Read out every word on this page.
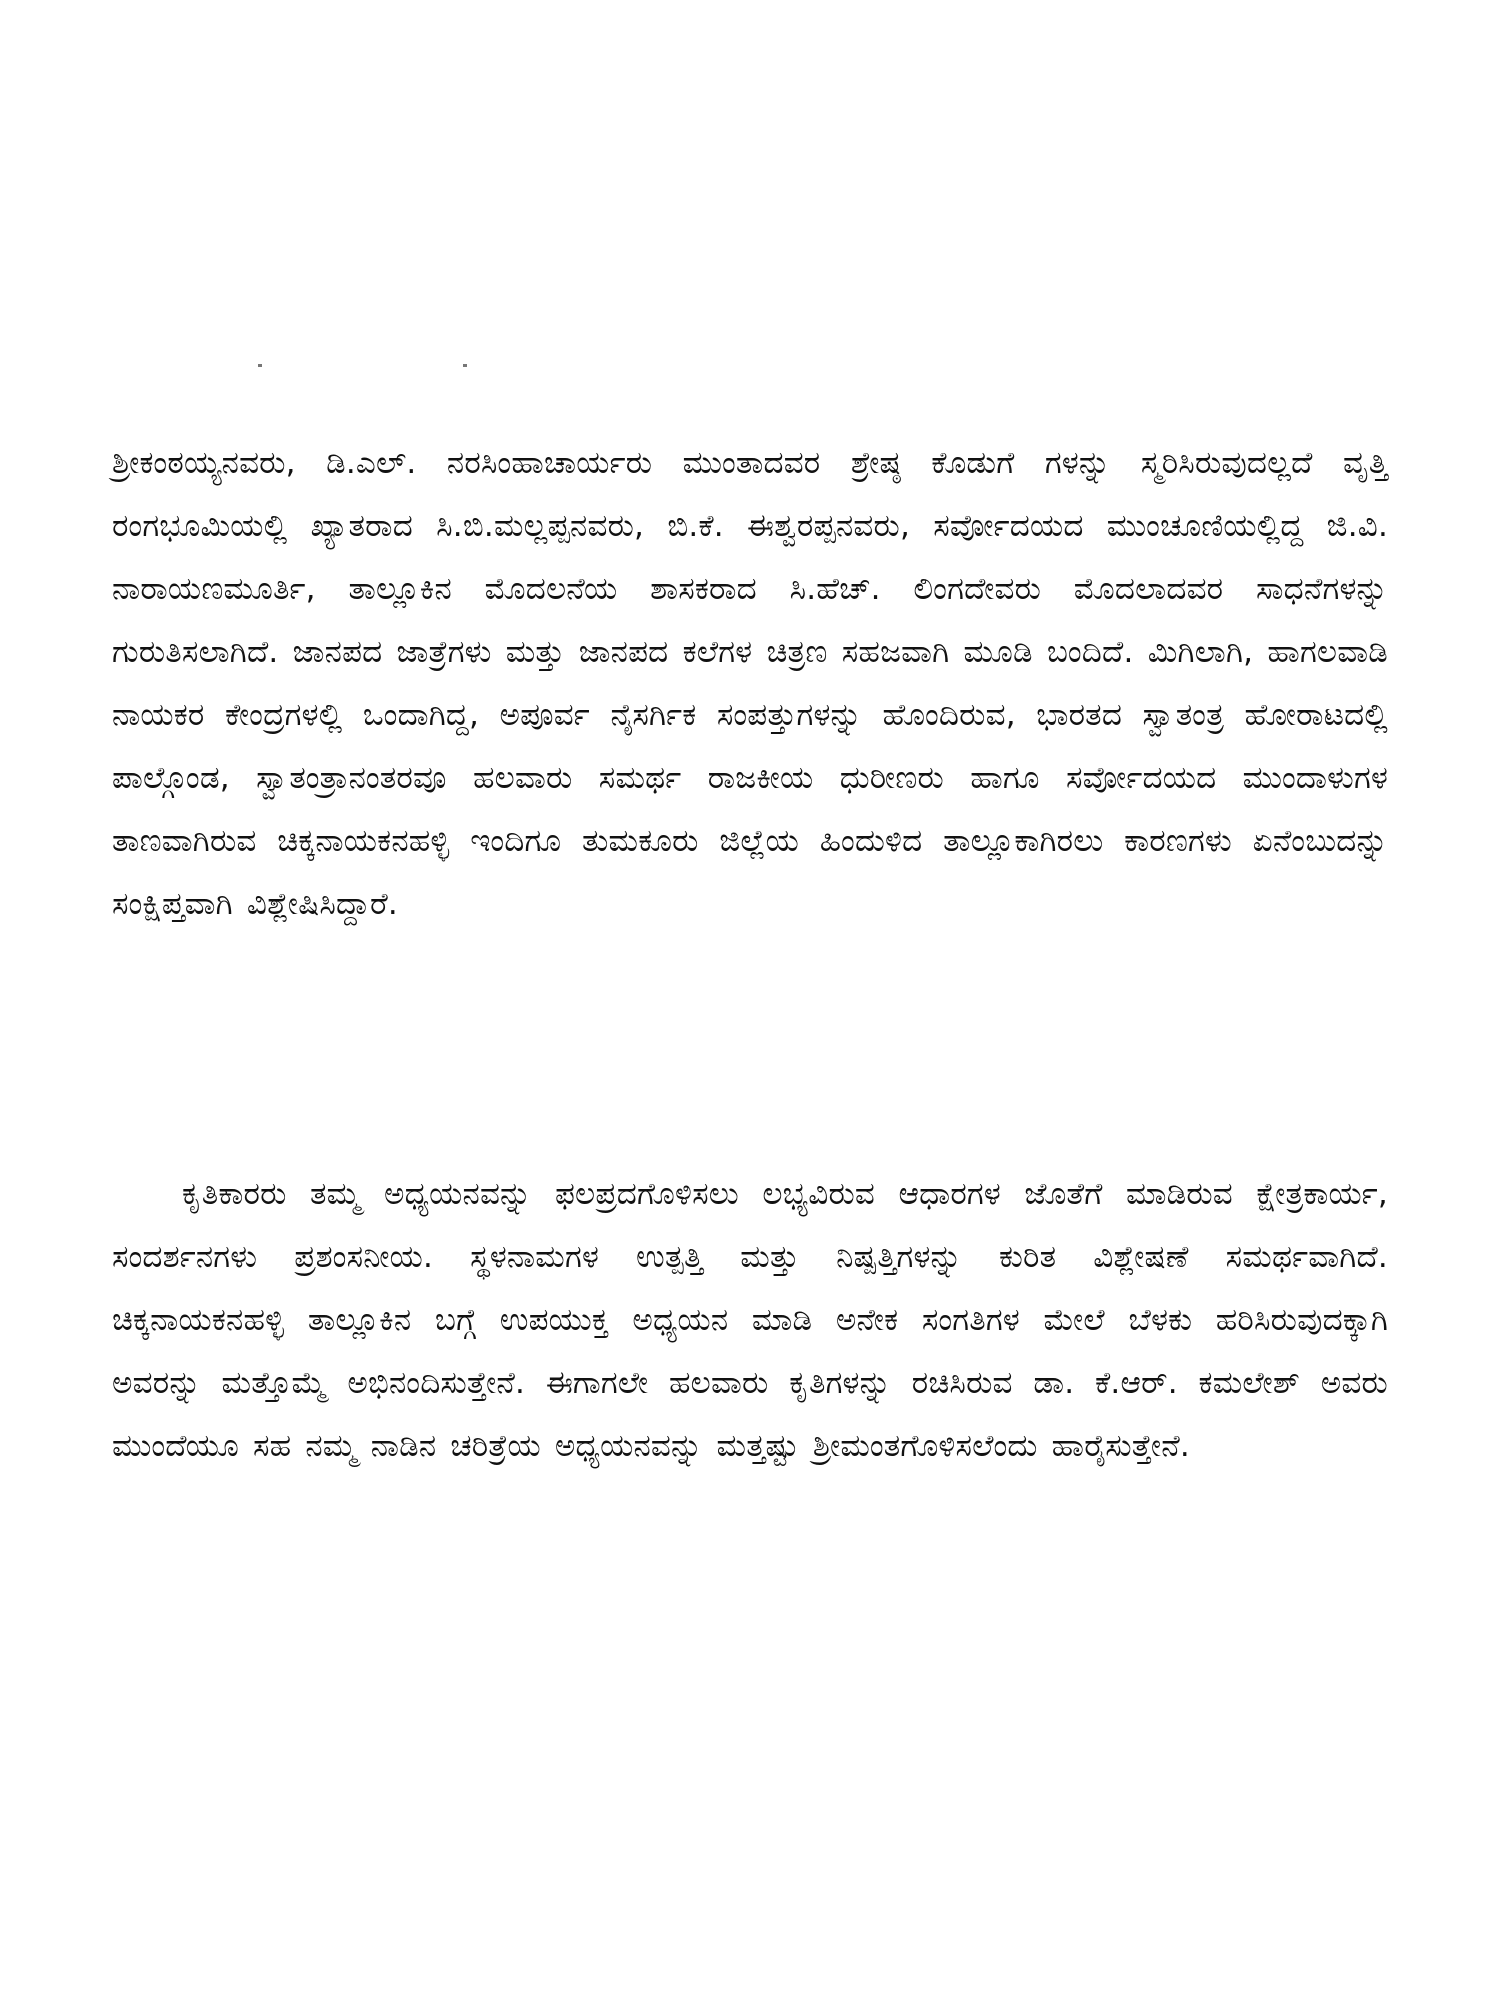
ಶ್ರೀಕಂಠಯ್ಯನವರು, ಡಿ.ಎಲ್. ನರಸಿಂಹಾಚಾರ್ಯರು ಮುಂತಾದವರ ಶ್ರೇಷ್ಠ ಕೊಡುಗೆ ಗಳನ್ನು ಸ್ಮರಿಸಿರುವುದಲ್ಲದೆ ವೃತ್ತಿ ರಂಗಭೂಮಿಯಲ್ಲಿ ಖ್ಯಾತರಾದ ಸಿ.ಬಿ.ಮಲ್ಲಪ್ಪನವರು, ಬಿ.ಕೆ. ಈಶ್ವರಪ್ಪನವರು, ಸರ್ವೋದಯದ ಮುಂಚೂಣಿಯಲ್ಲಿದ್ದ ಜಿ.ವಿ. ನಾರಾಯಣಮೂರ್ತಿ, ತಾಲ್ಲೂಕಿನ ಮೊದಲನೆಯ ಶಾಸಕರಾದ ಸಿ.ಹೆಚ್. ಲಿಂಗದೇವರು ಮೊದಲಾದವರ ಸಾಧನೆಗಳನ್ನು ಗುರುತಿಸಲಾಗಿದೆ. ಜಾನಪದ ಜಾತ್ರೆಗಳು ಮತ್ತು ಜಾನಪದ ಕಲೆಗಳ ಚಿತ್ರಣ ಸಹಜವಾಗಿ ಮೂಡಿ ಬಂದಿದೆ. ಮಿಗಿಲಾಗಿ, ಹಾಗಲವಾಡಿ ನಾಯಕರ ಕೇಂದ್ರಗಳಲ್ಲಿ ಒಂದಾಗಿದ್ದ, ಅಪೂರ್ವ ನೈಸರ್ಗಿಕ ಸಂಪತ್ತುಗಳನ್ನು ಹೊಂದಿರುವ, ಭಾರತದ ಸ್ವಾತಂತ್ರ ಹೋರಾಟದಲ್ಲಿ ಪಾಲ್ಗೊಂಡ, ಸ್ವಾತಂತ್ರಾನಂತರವೂ ಹಲವಾರು ಸಮರ್ಥ ರಾಜಕೀಯ ಧುರೀಣರು ಹಾಗೂ ಸರ್ವೋದಯದ ಮುಂದಾಳುಗಳ ತಾಣವಾಗಿರುವ ಚಿಕ್ಕನಾಯಕನಹಳ್ಳಿ ಇಂದಿಗೂ ತುಮಕೂರು ಜಿಲ್ಲೆಯ ಹಿಂದುಳಿದ ತಾಲ್ಲೂಕಾಗಿರಲು ಕಾರಣಗಳು ಏನೆಂಬುದನ್ನು ಸಂಕ್ಷಿಪ್ತವಾಗಿ ವಿಶ್ಲೇಷಿಸಿದ್ದಾರೆ.

ಕೃತಿಕಾರರು ತಮ್ಮ ಅಧ್ಯಯನವನ್ನು ಫಲಪ್ರದಗೊಳಿಸಲು ಲಭ್ಯವಿರುವ ಆಧಾರಗಳ ಜೊತೆಗೆ ಮಾಡಿರುವ ಕ್ಷೇತ್ರಕಾರ್ಯ, ಸಂದರ್ಶನಗಳು ಪ್ರಶಂಸನೀಯ. ಸ್ಥಳನಾಮಗಳ ಉತ್ಪತ್ತಿ ಮತ್ತು ನಿಷ್ಪತ್ತಿಗಳನ್ನು ಕುರಿತ ವಿಶ್ಲೇಷಣೆ ಸಮರ್ಥವಾಗಿದೆ. ಚಿಕ್ಕನಾಯಕನಹಳ್ಳಿ ತಾಲ್ಲೂಕಿನ ಬಗ್ಗೆ ಉಪಯುಕ್ತ ಅಧ್ಯಯನ ಮಾಡಿ ಅನೇಕ ಸಂಗತಿಗಳ ಮೇಲೆ ಬೆಳಕು ಹರಿಸಿರುವುದಕ್ಕಾಗಿ ಅವರನ್ನು ಮತ್ತೊಮ್ಮೆ ಅಭಿನಂದಿಸುತ್ತೇನೆ. ಈಗಾಗಲೇ ಹಲವಾರು ಕೃತಿಗಳನ್ನು ರಚಿಸಿರುವ ಡಾ. ಕೆ.ಆರ್. ಕಮಲೇಶ್ ಅವರು ಮುಂದೆಯೂ ಸಹ ನಮ್ಮ ನಾಡಿನ ಚರಿತ್ರೆಯ ಅಧ್ಯಯನವನ್ನು ಮತ್ತಷ್ಟು ಶ್ರೀಮಂತಗೊಳಿಸಲೆಂದು ಹಾರೈಸುತ್ತೇನೆ.
